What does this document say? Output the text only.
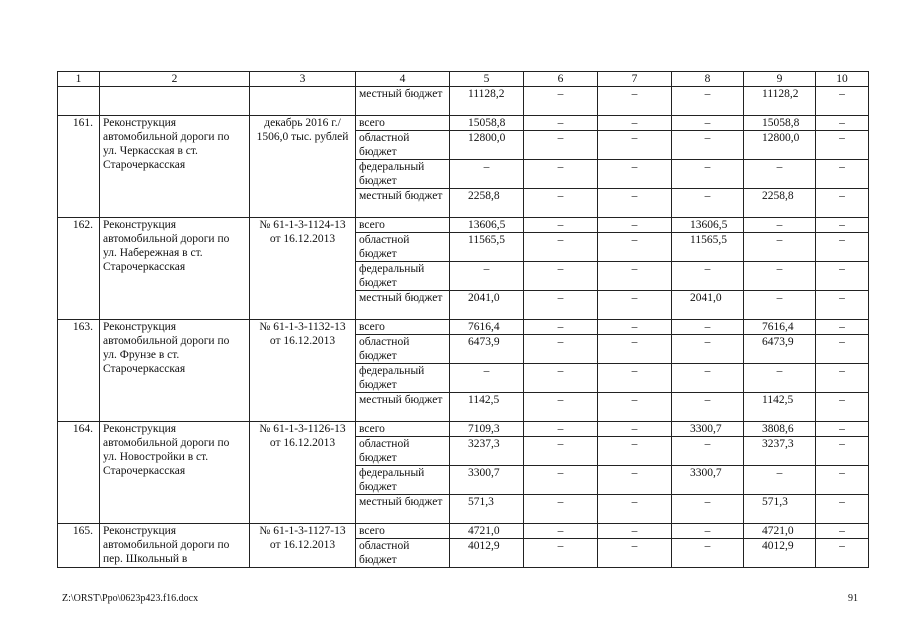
1	2	3	4	5	6	7	8	9	10
			местный бюджет	11128,2	–	–	–	11128,2	–
161.	Реконструкция автомобильной дороги по ул. Черкасская в ст. Старочеркасская	декабрь 2016 г./ 1506,0 тыс. рублей	всего	15058,8	–	–	–	15058,8	–
			областной бюджет	12800,0	–	–	–	12800,0	–
			федеральный бюджет	–	–	–	–	–	–
			местный бюджет	2258,8	–	–	–	2258,8	–
162.	Реконструкция автомобильной дороги по ул. Набережная в ст. Старочеркасская	№ 61-1-3-1124-13 от 16.12.2013	всего	13606,5	–	–	13606,5	–	–
			областной бюджет	11565,5	–	–	11565,5	–	–
			федеральный бюджет	–	–	–	–	–	–
			местный бюджет	2041,0	–	–	2041,0	–	–
163.	Реконструкция автомобильной дороги по ул. Фрунзе в ст. Старочеркасская	№ 61-1-3-1132-13 от 16.12.2013	всего	7616,4	–	–	–	7616,4	–
			областной бюджет	6473,9	–	–	–	6473,9	–
			федеральный бюджет	–	–	–	–	–	–
			местный бюджет	1142,5	–	–	–	1142,5	–
164.	Реконструкция автомобильной дороги по ул. Новостройки в ст. Старочеркасская	№ 61-1-3-1126-13 от 16.12.2013	всего	7109,3	–	–	3300,7	3808,6	–
			областной бюджет	3237,3	–	–	–	3237,3	–
			федеральный бюджет	3300,7	–	–	3300,7	–	–
			местный бюджет	571,3	–	–	–	571,3	–
165.	Реконструкция автомобильной дороги по пер. Школьный в	№ 61-1-3-1127-13 от 16.12.2013	всего	4721,0	–	–	–	4721,0	–
			областной бюджет	4012,9	–	–	–	4012,9	–
Z:\ORST\Ppo\0623p423.f16.docx	91
